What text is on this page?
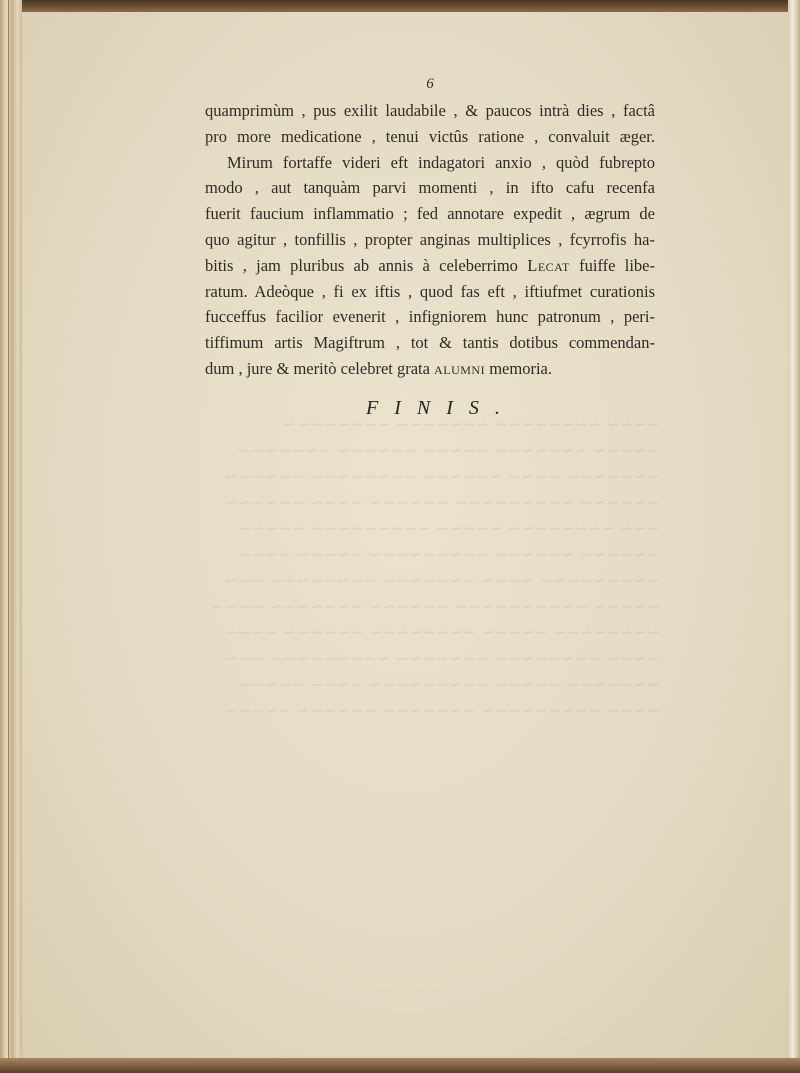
~~~~ ~~~~~~~~ ~~~~~~~ ~~~~~~~~
~~~~~ ~~~~~~~ ~~~~~ ~~~~~~ ~~~~~~~
~~~~~~~ ~~~~ ~~~~~~ ~~~~~~~~ ~~~~~~
~~~~~~ ~~~~~~~~~ ~~~~~~ ~~~~ ~~~~~~
~~~ ~~~~~~~~ ~~~~~ ~~~~~~~~~ ~~~~~
~~~~~~ ~~~~~~ ~~~~~~~~~ ~~~~~ ~~~~
~~~~~~~~~ ~~~~ ~~~~~~~ ~~~~~~~~ ~~~
~~~~~ ~~~~~~~~~~ ~~~~~~ ~~~~~~~ ~~~~
~~~~~~~~ ~~~~~ ~~~~~~~~ ~~~~~~ ~~~~
~~~~ ~~~~~~~~ ~~~~~~~ ~~~~~~~~~ ~~~
~~~~~~~ ~~~~~ ~~~~~~~~~ ~~~~ ~~~~~
~~~~ ~~~~~~~~~ ~~~~~~~ ~~~~~~ ~~~~~
6
quamprimùm , pus exilit laudabile , & paucos intrà dies , factâ
pro more medicatione , tenui victûs ratione , convaluit æger.
Mirum fortaffe videri eft indagatori anxio , quòd fubrepto
modo , aut tanquàm parvi momenti , in ifto cafu recenfa
fuerit faucium inflammatio ; fed annotare expedit , ægrum de
quo agitur , tonfillis , propter anginas multiplices , fcyrrofis ha-
bitis , jam pluribus ab annis à celeberrimo Lecat fuiffe libe-
ratum. Adeòque , fi ex iftis , quod fas eft , iftiufmet curationis
fucceffus facilior evenerit , infigniorem hunc patronum , peri-
tiffimum artis Magiftrum , tot & tantis dotibus commendan-
dum , jure & meritò celebret grata alumni memoria.
FINIS.
